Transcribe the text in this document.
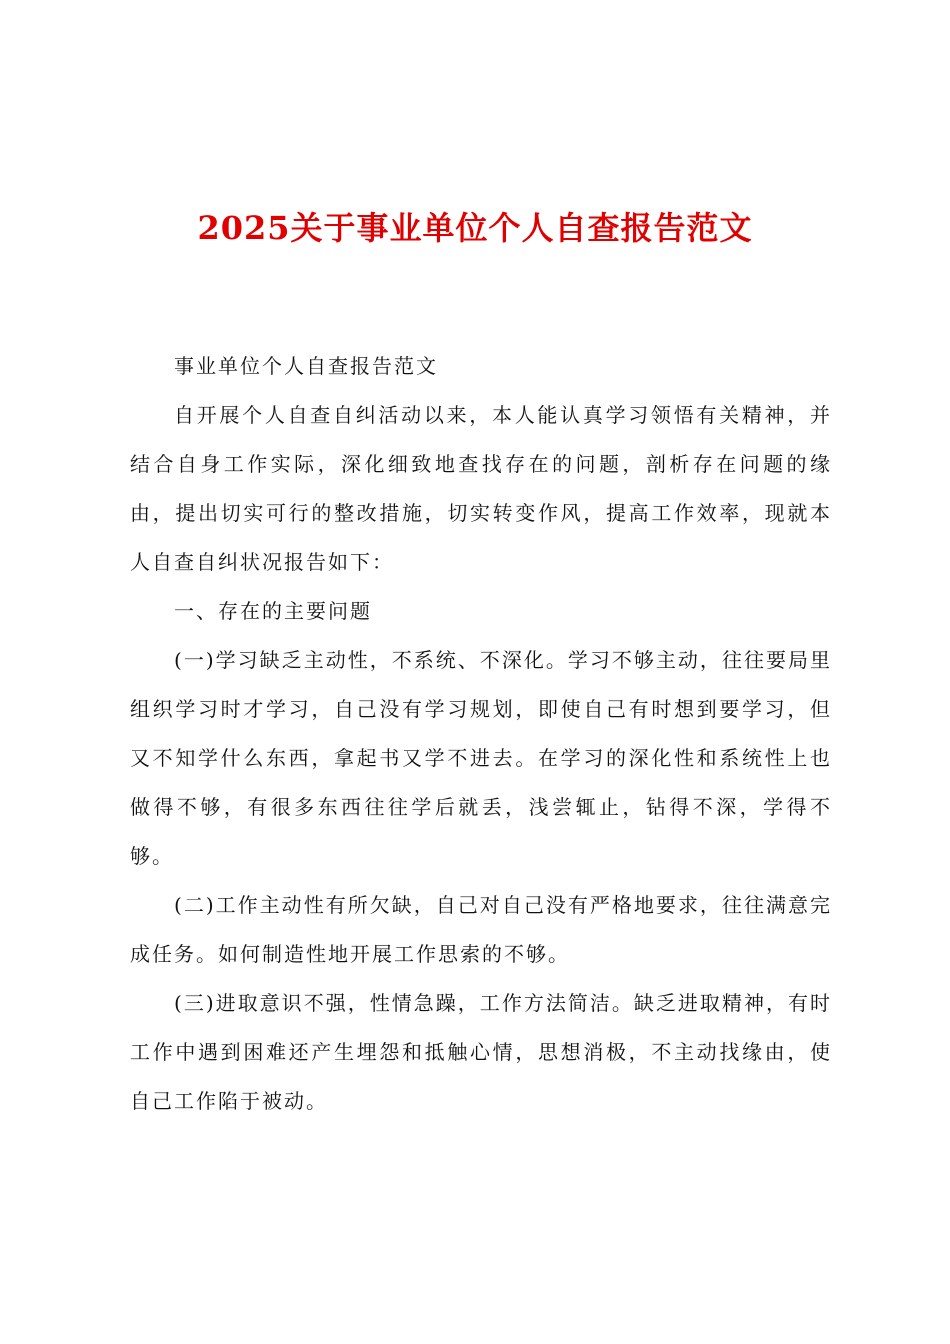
2025关于事业单位个人自查报告范文

事业单位个人自查报告范文

自开展个人自查自纠活动以来，本人能认真学习领悟有关精神，并结合自身工作实际，深化细致地查找存在的问题，剖析存在问题的缘由，提出切实可行的整改措施，切实转变作风，提高工作效率，现就本人自查自纠状况报告如下：

一、存在的主要问题

(一)学习缺乏主动性，不系统、不深化。学习不够主动，往往要局里组织学习时才学习，自己没有学习规划，即使自己有时想到要学习，但又不知学什么东西，拿起书又学不进去。在学习的深化性和系统性上也做得不够，有很多东西往往学后就丢，浅尝辄止，钻得不深，学得不够。

(二)工作主动性有所欠缺，自己对自己没有严格地要求，往往满意完成任务。如何制造性地开展工作思索的不够。

(三)进取意识不强，性情急躁，工作方法简洁。缺乏进取精神，有时工作中遇到困难还产生埋怨和抵触心情，思想消极，不主动找缘由，使自己工作陷于被动。
